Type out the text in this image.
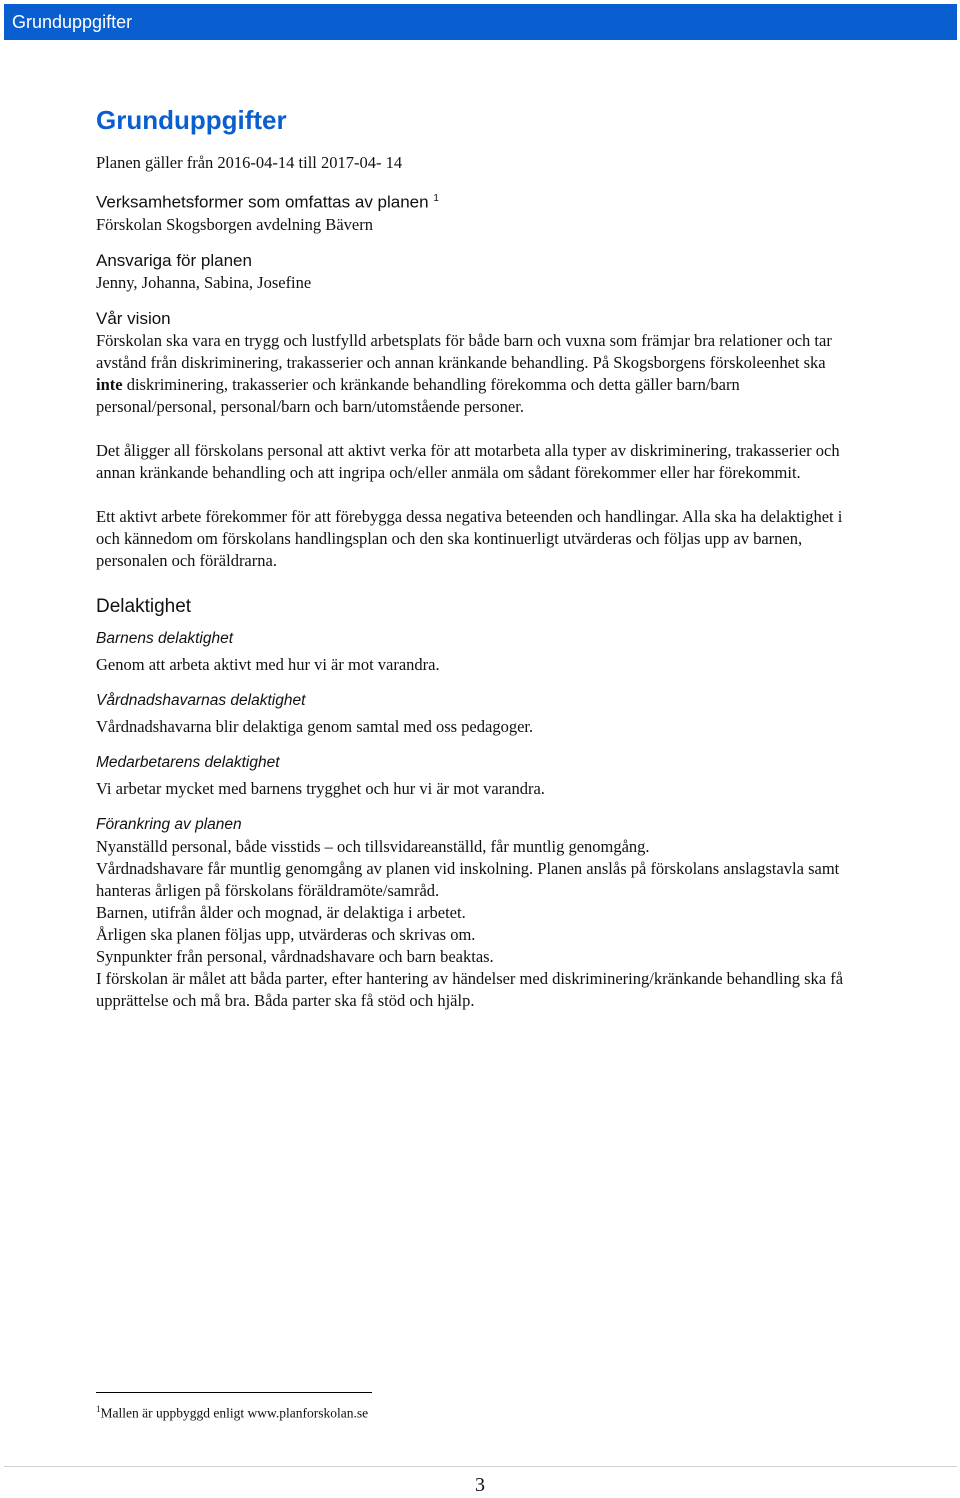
Grunduppgifter
Grunduppgifter

Planen gäller från 2016-04-14 till 2017-04- 14

Verksamhetsformer som omfattas av planen $^1$

Förskolan Skogsborgen avdelning Bävern

Ansvariga för planen

Jenny, Johanna, Sabina, Josefine

Vår vision

Förskolan ska vara en trygg och lustfylld arbetsplats för både barn och vuxna som främjar bra relationer och tar avstånd från diskriminering, trakasserier och annan kränkande behandling. På Skogsborgens förskoleenhet ska inte diskriminering, trakasserier och kränkande behandling förekomma och detta gäller barn/barn personal/personal, personal/barn och barn/utomstående personer.

Det åligger all förskolans personal att aktivt verka för att motarbeta alla typer av diskriminering, trakasserier och annan kränkande behandling och att ingripa och/eller anmäla om sådant förekommer eller har förekommit.

Ett aktivt arbete förekommer för att förebygga dessa negativa beteenden och handlingar. Alla ska ha delaktighet i och kännedom om förskolans handlingsplan och den ska kontinuerligt utvärderas och följas upp av barnen, personalen och föräldrarna.

Delaktighet
Barnens delaktighet

Genom att arbeta aktivt med hur vi är mot varandra.

Vårdnadshavarnas delaktighet

Vårdnadshavarna blir delaktiga genom samtal med oss pedagoger.

Medarbetarens delaktighet

Vi arbetar mycket med barnens trygghet och hur vi är mot varandra.

Förankring av planen

Nyanställd personal, både visstids – och tillsvidareanställd, får muntlig genomgång.

Vårdnadshavare får muntlig genomgång av planen vid inskolning. Planen anslås på förskolans anslagstavla samt hanteras årligen på förskolans föräldramöte/samråd.

Barnen, utifrån ålder och mognad, är delaktiga i arbetet.

Årligen ska planen följas upp, utvärderas och skrivas om.

Synpunkter från personal, vårdnadshavare och barn beaktas.

I förskolan är målet att båda parter, efter hantering av händelser med diskriminering/kränkande behandling ska få upprättelse och må bra. Båda parter ska få stöd och hjälp.

$^1$Mallen är uppbyggd enligt www.planforskolan.se
3
